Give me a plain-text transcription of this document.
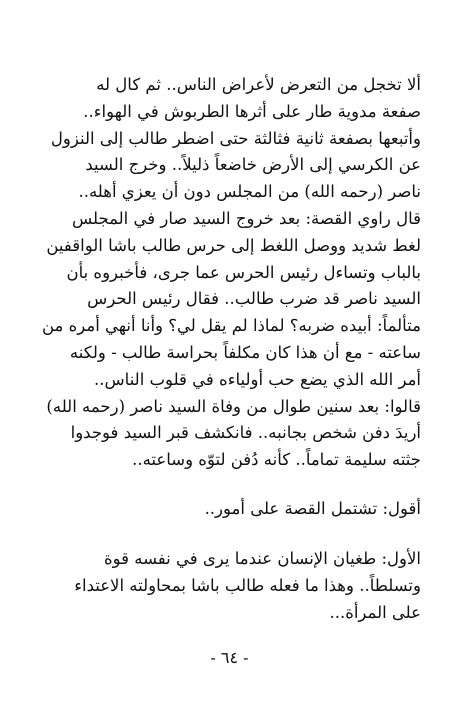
ألا تخجل من التعرض لأعراض الناس.. ثم كال له
صفعة مدوية طار على أثرها الطربوش في الهواء..
وأتبعها بصفعة ثانية فثالثة حتى اضطر طالب إلى النزول
عن الكرسي إلى الأرض خاضعاً ذليلاً.. وخرج السيد
ناصر (رحمه الله) من المجلس دون أن يعزي أهله..
قال راوي القصة: بعد خروج السيد صار في المجلس
لغط شديد ووصل اللغط إلى حرس طالب باشا الواقفين
بالباب وتساءل رئيس الحرس عما جرى، فأخبروه بأن
السيد ناصر قد ضرب طالب.. فقال رئيس الحرس
متألماً: أبيده ضربه؟ لماذا لم يقل لي؟ وأنا أنهي أمره من
ساعته - مع أن هذا كان مكلفاً بحراسة طالب - ولكنه
أمر الله الذي يضع حب أولياءه في قلوب الناس..
قالوا: بعد سنين طوال من وفاة السيد ناصر (رحمه الله)
أريدَ دفن شخص بجانبه.. فانكشف قبر السيد فوجدوا
جثته سليمة تماماً.. كأنه دُفن لتوّه وساعته..
أقول: تشتمل القصة على أمور..
الأول: طغيان الإنسان عندما يرى في نفسه قوة
وتسلطاً.. وهذا ما فعله طالب باشا بمحاولته الاعتداء
على المرأة...
- ٦٤ -
